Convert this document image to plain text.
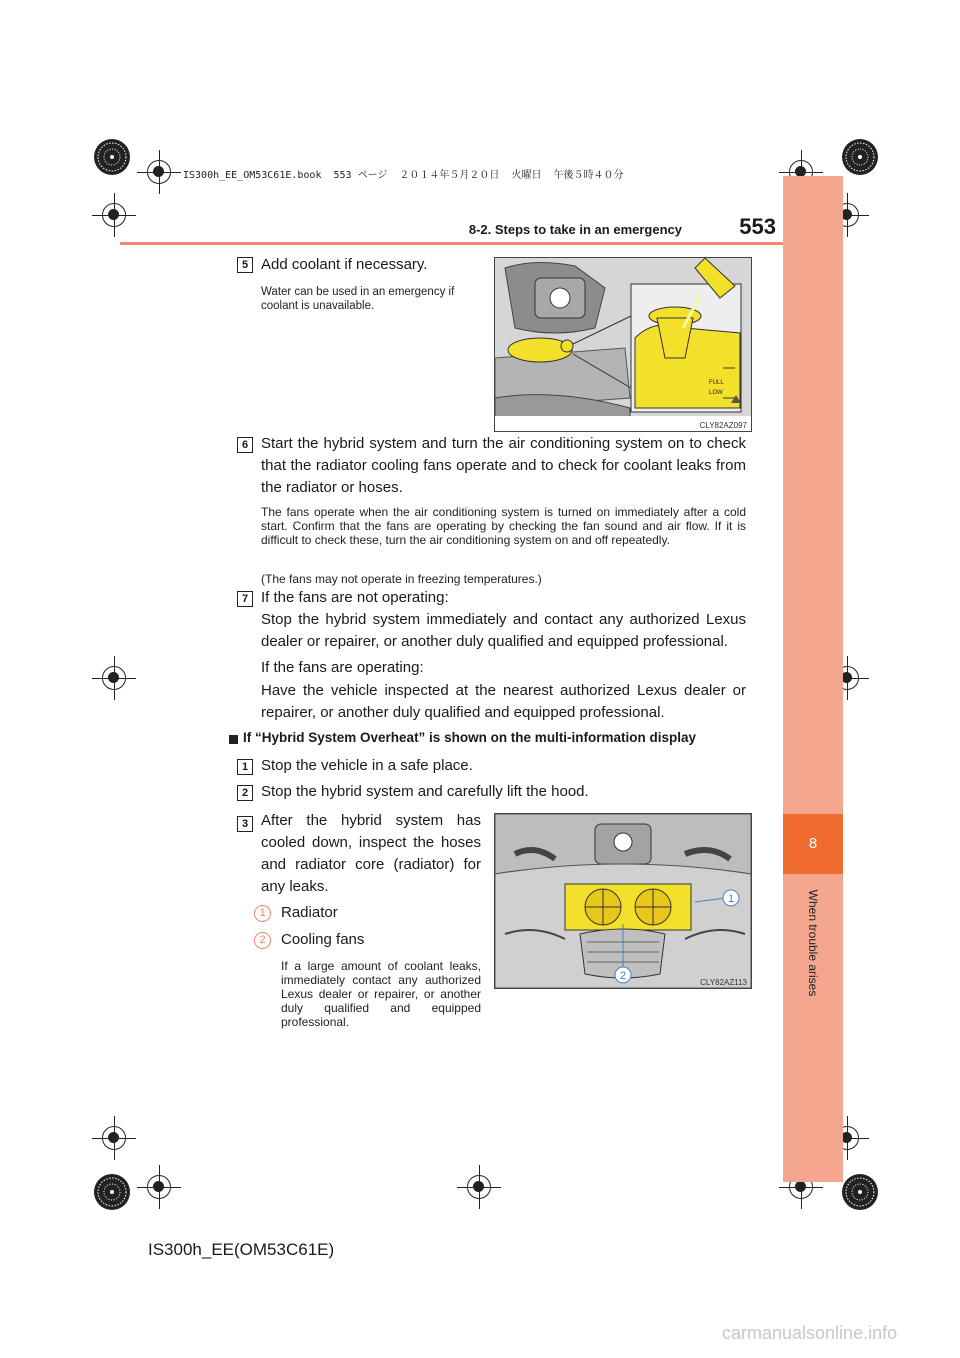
IS300h_EE_OM53C61E.book  553 ページ  ２０１４年５月２０日  火曜日  午後５時４０分
8-2. Steps to take in an emergency	553
8
When trouble arises
5 Add coolant if necessary.
Water can be used in an emergency if coolant is unavailable.
FULL
LOW
CLY82AZ097
6 Start the hybrid system and turn the air conditioning system on to check that the radiator cooling fans operate and to check for coolant leaks from the radiator or hoses.
The fans operate when the air conditioning system is turned on immediately after a cold start. Confirm that the fans are operating by checking the fan sound and air flow. If it is difficult to check these, turn the air conditioning system on and off repeatedly.
(The fans may not operate in freezing temperatures.)
7 If the fans are not operating:
Stop the hybrid system immediately and contact any authorized Lexus dealer or repairer, or another duly qualified and equipped professional.
If the fans are operating:
Have the vehicle inspected at the nearest authorized Lexus dealer or repairer, or another duly qualified and equipped professional.
If “Hybrid System Overheat” is shown on the multi-information display
1 Stop the vehicle in a safe place.
2 Stop the hybrid system and carefully lift the hood.
3 After the hybrid system has cooled down, inspect the hoses and radiator core (radiator) for any leaks.
1	Radiator
2	Cooling fans
If a large amount of coolant leaks, immediately contact any authorized Lexus dealer or repairer, or another duly qualified and equipped professional.
1
2
CLY82AZ113
IS300h_EE(OM53C61E)
carmanualsonline.info
